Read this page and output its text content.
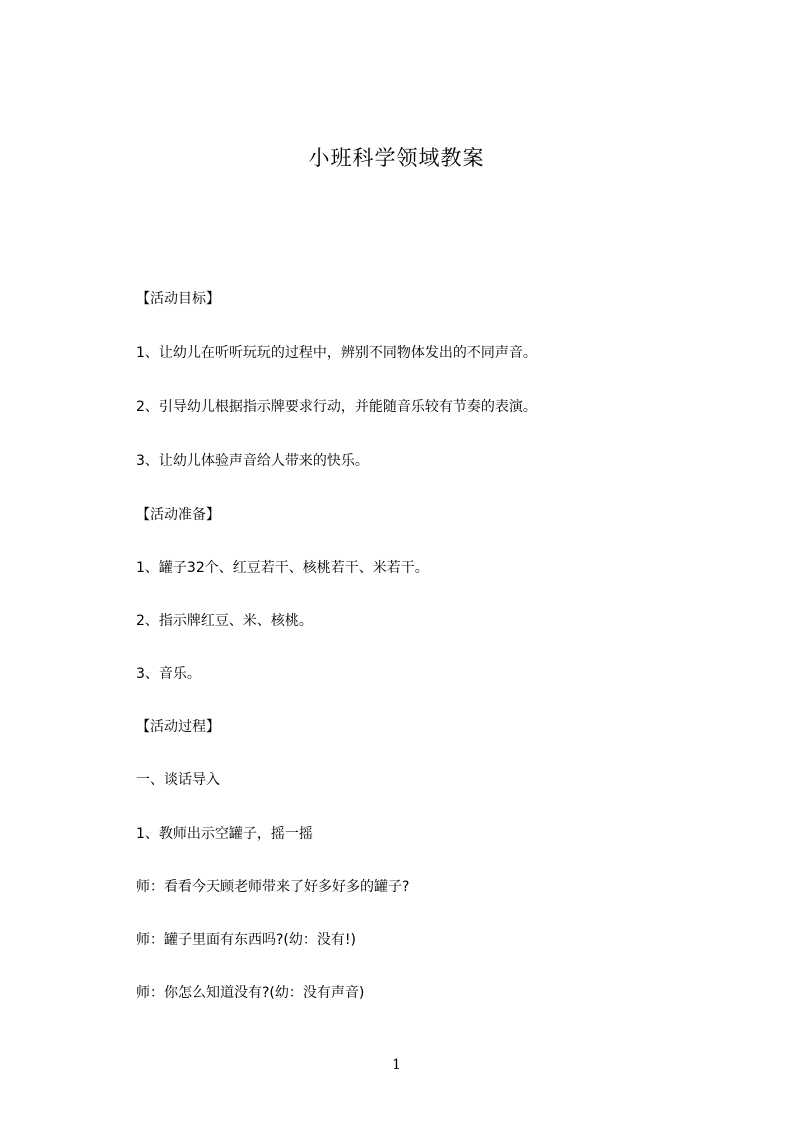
小班科学领域教案
【活动目标】
1、让幼儿在听听玩玩的过程中，辨别不同物体发出的不同声音。
2、引导幼儿根据指示牌要求行动，并能随音乐较有节奏的表演。
3、让幼儿体验声音给人带来的快乐。
【活动准备】
1、罐子32个、红豆若干、核桃若干、米若干。
2、指示牌红豆、米、核桃。
3、音乐。
【活动过程】
一、谈话导入
1、教师出示空罐子，摇一摇
师：看看今天顾老师带来了好多好多的罐子?
师：罐子里面有东西吗?(幼：没有!)
师：你怎么知道没有?(幼：没有声音)
1
